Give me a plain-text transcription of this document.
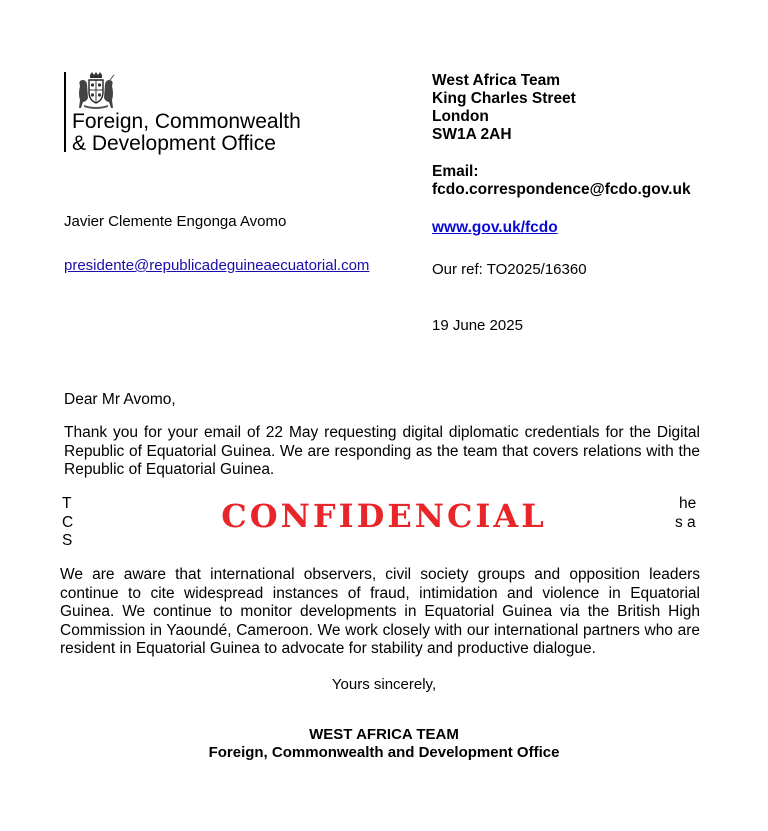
Foreign, Commonwealth
& Development Office
West Africa Team
King Charles Street
London
SW1A 2AH
Email:
fcdo.correspondence@fcdo.gov.uk
www.gov.uk/fcdo
Our ref: TO2025/16360
19 June 2025
Javier Clemente Engonga Avomo
presidente@republicadeguineaecuatorial.com
Dear Mr Avomo,
Thank you for your email of 22 May requesting digital diplomatic credentials for the Digital Republic of Equatorial Guinea. We are responding as the team that covers relations with the Republic of Equatorial Guinea.
T
C
S
he
s a
CONFIDENCIAL
We are aware that international observers, civil society groups and opposition leaders continue to cite widespread instances of fraud, intimidation and violence in Equatorial Guinea. We continue to monitor developments in Equatorial Guinea via the British High Commission in Yaoundé, Cameroon. We work closely with our international partners who are resident in Equatorial Guinea to advocate for stability and productive dialogue.
Yours sincerely,
WEST AFRICA TEAM
Foreign, Commonwealth and Development Office
